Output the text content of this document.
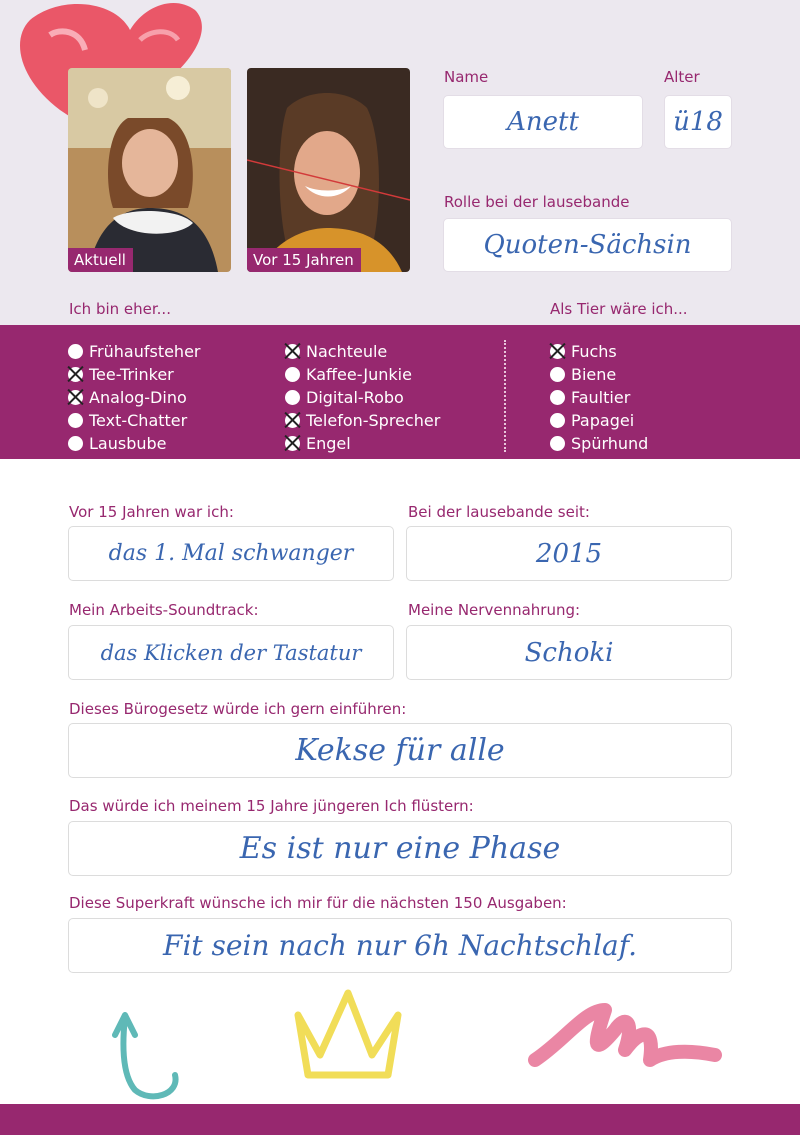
Aktuell	Vor 15 Jahren
Name
Anett
Alter
ü18
Rolle bei der lausebande
Quoten-Sächsin
Ich bin eher...	Als Tier wäre ich...
Frühaufsteher
Tee-Trinker
Analog-Dino
Text-Chatter
Lausbube
Nachteule
Kaffee-Junkie
Digital-Robo
Telefon-Sprecher
Engel
Fuchs
Biene
Faultier
Papagei
Spürhund
Vor 15 Jahren war ich:
das 1. Mal schwanger
Bei der lausebande seit:
2015
Mein Arbeits-Soundtrack:
das Klicken der Tastatur
Meine Nervennahrung:
Schoki
Dieses Bürogesetz würde ich gern einführen:
Kekse für alle
Das würde ich meinem 15 Jahre jüngeren Ich flüstern:
Es ist nur eine Phase
Diese Superkraft wünsche ich mir für die nächsten 150 Ausgaben:
Fit sein nach nur 6h Nachtschlaf.
